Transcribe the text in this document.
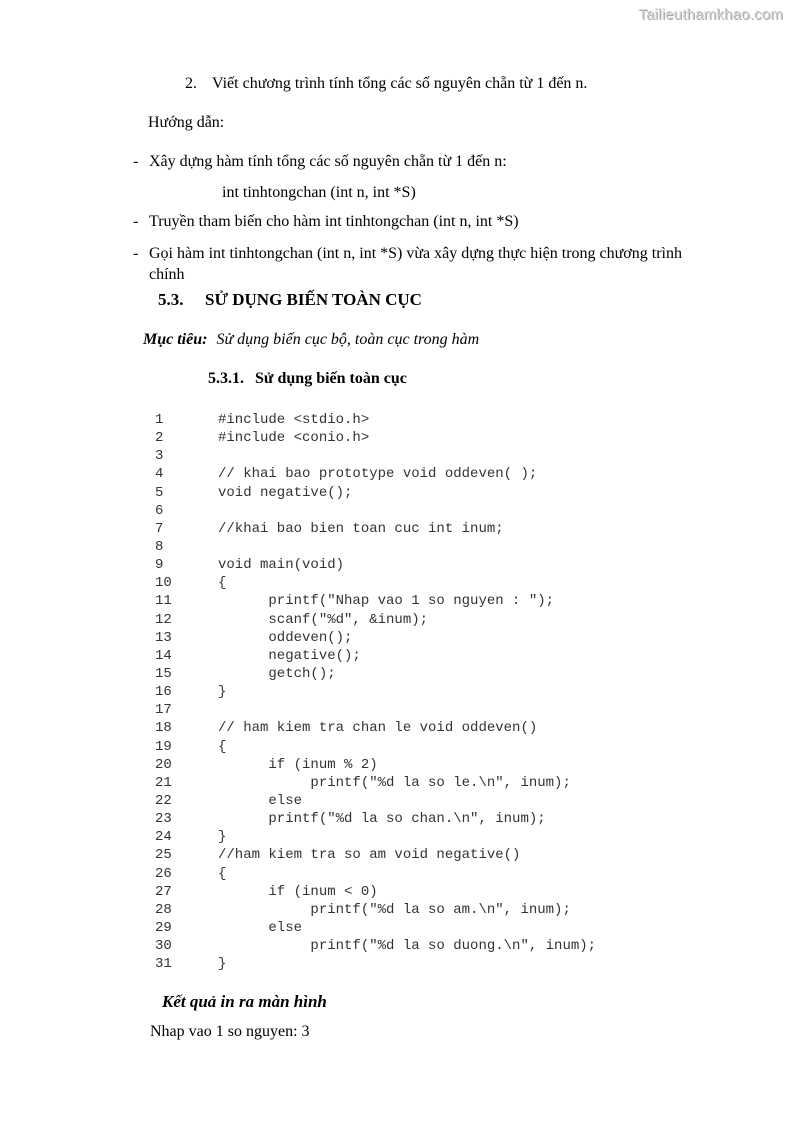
Tailieuthamkhao.com
2. Viết chương trình tính tổng các số nguyên chẵn từ 1 đến n.
Hướng dẫn:
- Xây dựng hàm tính tổng các số nguyên chẵn từ 1 đến n:
int tinhtongchan (int n, int *S)
- Truyền tham biến cho hàm int tinhtongchan (int n, int *S)
- Gọi hàm int tinhtongchan (int n, int *S) vừa xây dựng thực hiện trong chương trình chính
5.3. SỬ DỤNG BIẾN TOÀN CỤC
Mục tiêu: Sử dụng biến cục bộ, toàn cục trong hàm
5.3.1. Sử dụng biến toàn cục
1	#include <stdio.h>
2	#include <conio.h>
3
4	// khai bao prototype void oddeven( );
5	void negative();
6
7	//khai bao bien toan cuc int inum;
8
9	void main(void)
10	{
11	printf("Nhap vao 1 so nguyen : ");
12	scanf("%d", &inum);
13	oddeven();
14	negative();
15	getch();
16	}
17
18	// ham kiem tra chan le void oddeven()
19	{
20	if (inum % 2)
21	printf("%d la so le.\n", inum);
22	else
23	printf("%d la so chan.\n", inum);
24	}
25	//ham kiem tra so am void negative()
26	{
27	if (inum < 0)
28	printf("%d la so am.\n", inum);
29	else
30	printf("%d la so duong.\n", inum);
31	}
Kết quả in ra màn hình
Nhap vao 1 so nguyen: 3
